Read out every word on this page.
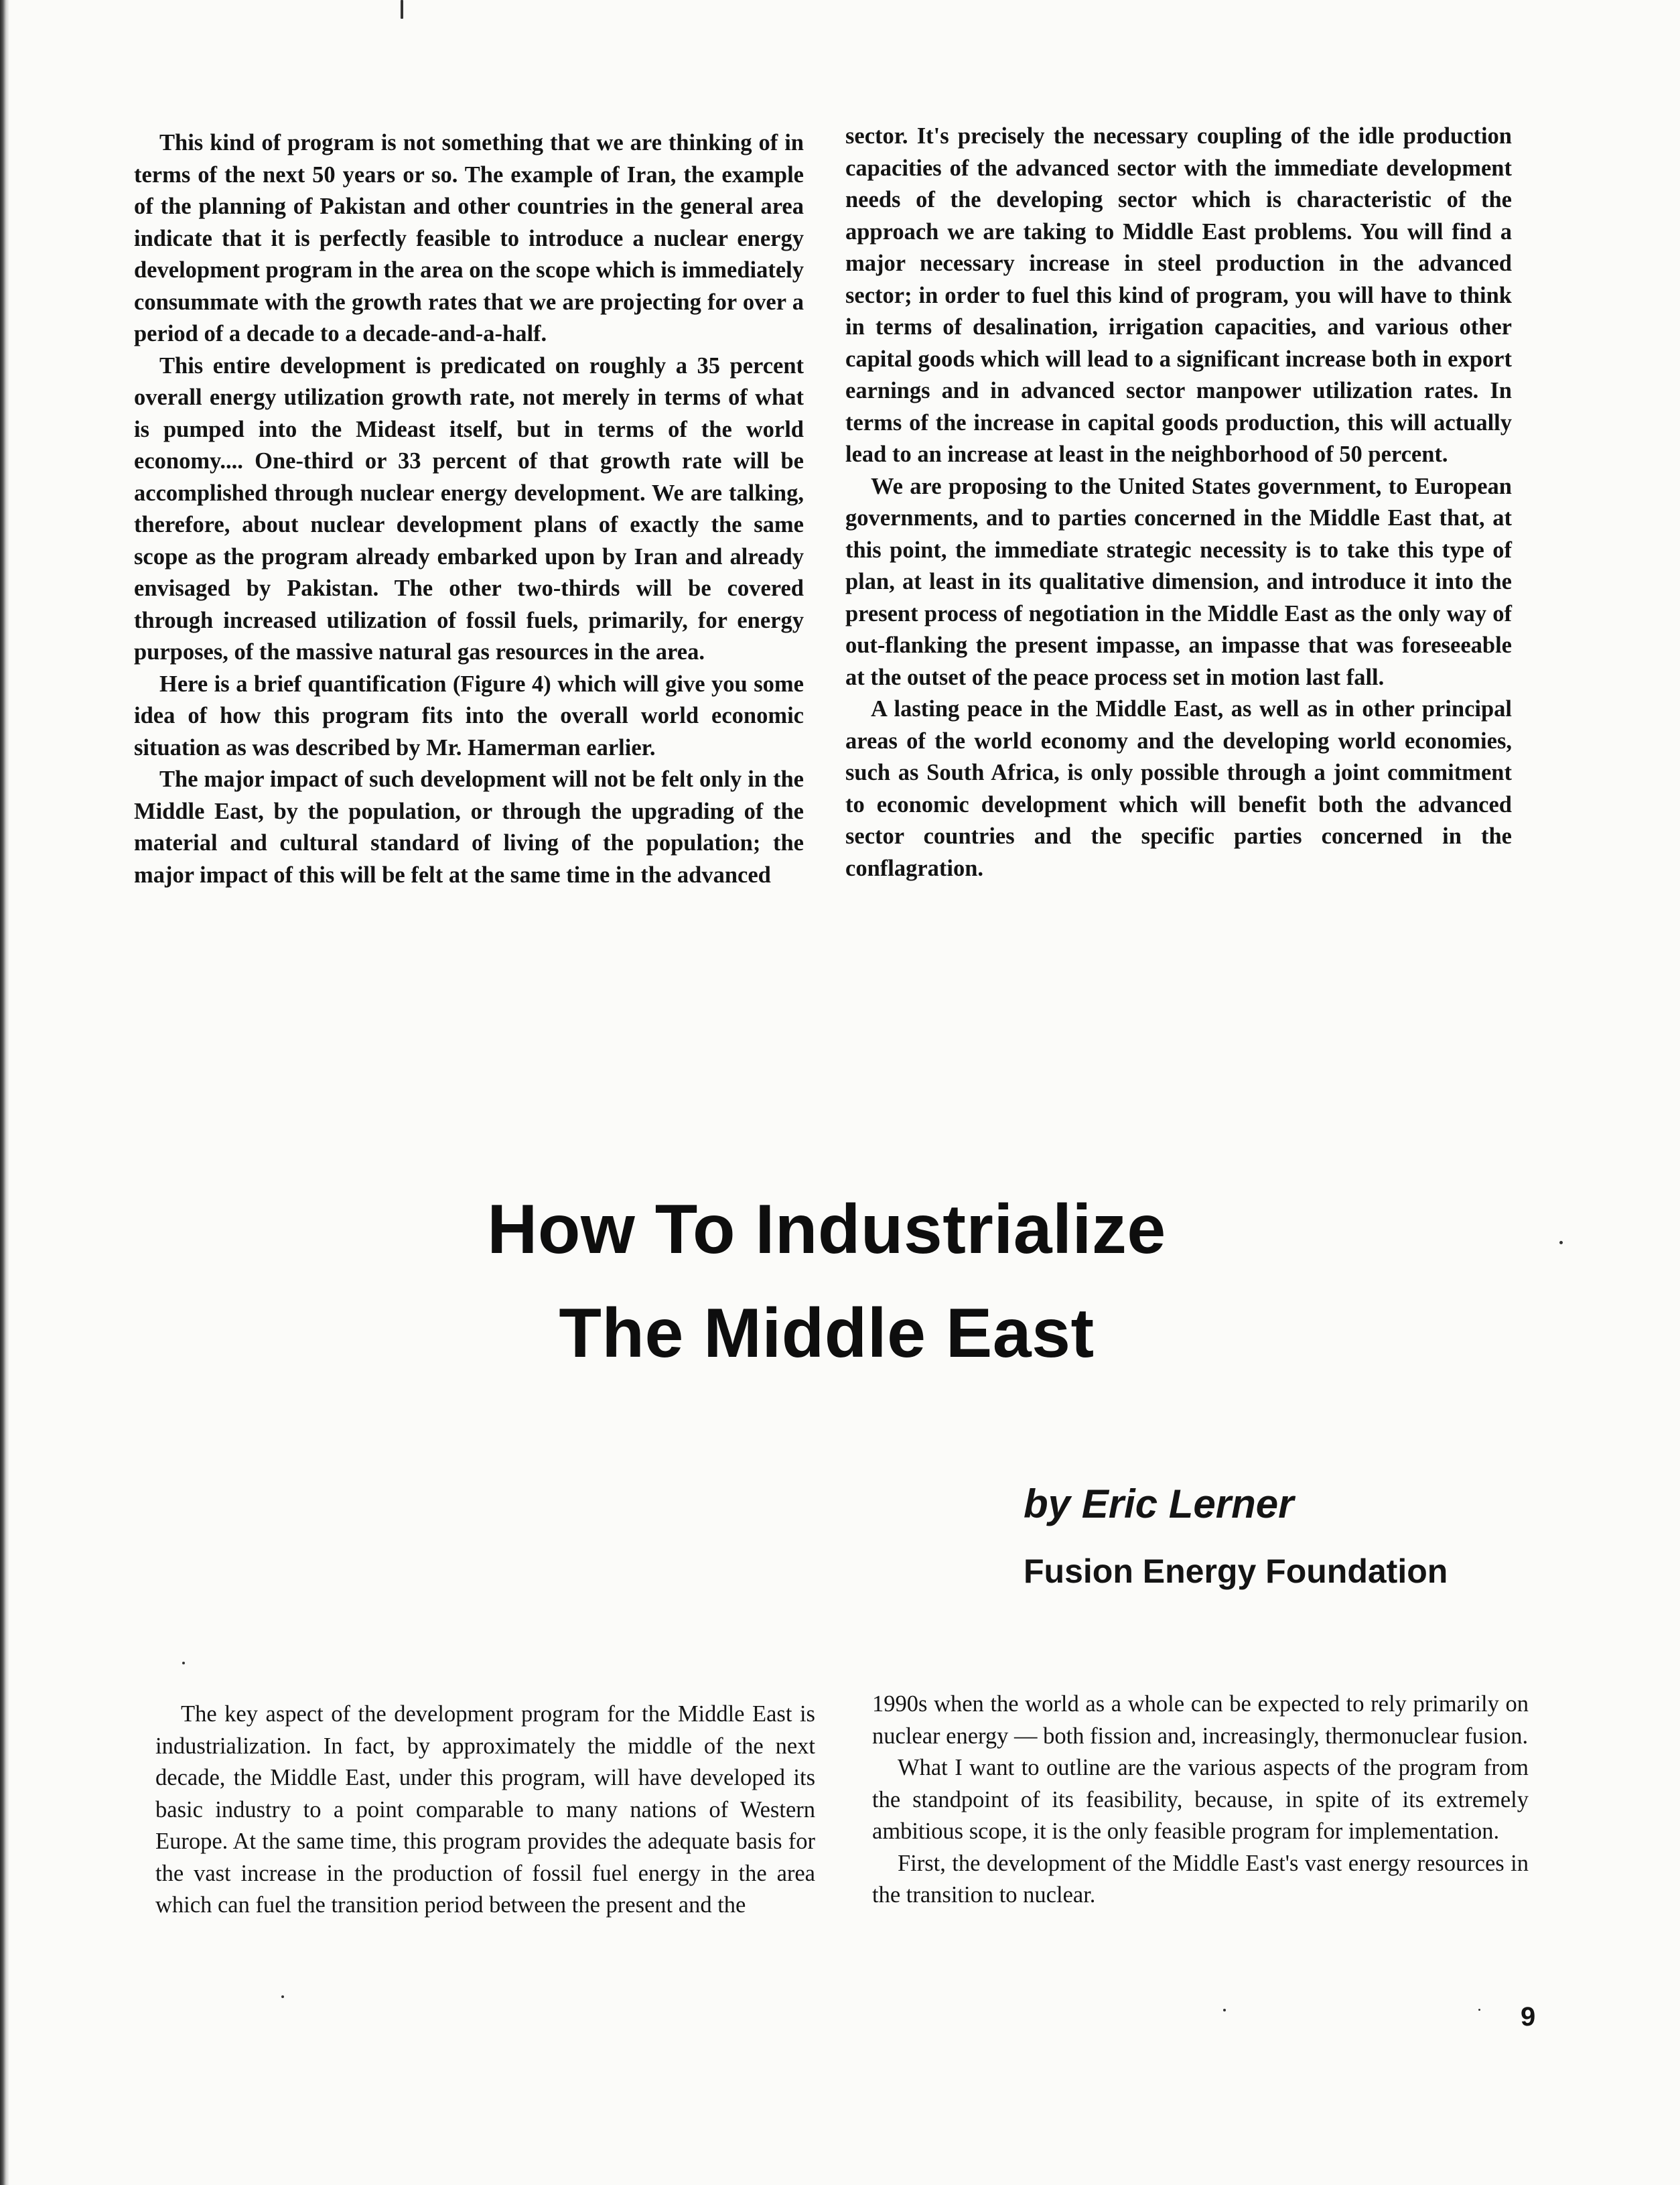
This kind of program is not something that we are thinking of in terms of the next 50 years or so. The example of Iran, the example of the planning of Pakistan and other countries in the general area indicate that it is perfectly feasible to introduce a nuclear energy development program in the area on the scope which is immediately consummate with the growth rates that we are projecting for over a period of a decade to a decade-and-a-half.

This entire development is predicated on roughly a 35 percent overall energy utilization growth rate, not merely in terms of what is pumped into the Mideast itself, but in terms of the world economy.... One-third or 33 percent of that growth rate will be accomplished through nuclear energy development. We are talking, therefore, about nuclear development plans of exactly the same scope as the program already embarked upon by Iran and already envisaged by Pakistan. The other two-thirds will be covered through increased utilization of fossil fuels, primarily, for energy purposes, of the massive natural gas resources in the area.

Here is a brief quantification (Figure 4) which will give you some idea of how this program fits into the overall world economic situation as was described by Mr. Hamerman earlier.

The major impact of such development will not be felt only in the Middle East, by the population, or through the upgrading of the material and cultural standard of living of the population; the major impact of this will be felt at the same time in the advanced

sector. It's precisely the necessary coupling of the idle production capacities of the advanced sector with the immediate development needs of the developing sector which is characteristic of the approach we are taking to Middle East problems. You will find a major necessary increase in steel production in the advanced sector; in order to fuel this kind of program, you will have to think in terms of desalination, irrigation capacities, and various other capital goods which will lead to a significant increase both in export earnings and in advanced sector manpower utilization rates. In terms of the increase in capital goods production, this will actually lead to an increase at least in the neighborhood of 50 percent.

We are proposing to the United States government, to European governments, and to parties concerned in the Middle East that, at this point, the immediate strategic necessity is to take this type of plan, at least in its qualitative dimension, and introduce it into the present process of negotiation in the Middle East as the only way of out-flanking the present impasse, an impasse that was foreseeable at the outset of the peace process set in motion last fall.

A lasting peace in the Middle East, as well as in other principal areas of the world economy and the developing world economies, such as South Africa, is only possible through a joint commitment to economic development which will benefit both the advanced sector countries and the specific parties concerned in the conflagration.

How To Industrialize
The Middle East

by Eric Lerner

Fusion Energy Foundation

The key aspect of the development program for the Middle East is industrialization. In fact, by approximately the middle of the next decade, the Middle East, under this program, will have developed its basic industry to a point comparable to many nations of Western Europe. At the same time, this program provides the adequate basis for the vast increase in the production of fossil fuel energy in the area which can fuel the transition period between the present and the

1990s when the world as a whole can be expected to rely primarily on nuclear energy — both fission and, increasingly, thermonuclear fusion.

What I want to outline are the various aspects of the program from the standpoint of its feasibility, because, in spite of its extremely ambitious scope, it is the only feasible program for implementation.

First, the development of the Middle East's vast energy resources in the transition to nuclear.

9
